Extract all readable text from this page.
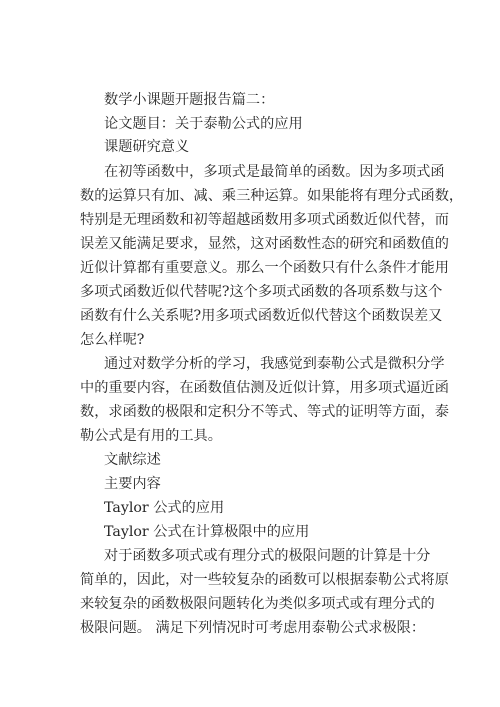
数学小课题开题报告篇二：
论文题目：关于泰勒公式的应用
课题研究意义
在初等函数中，多项式是最简单的函数。因为多项式函
数的运算只有加、减、乘三种运算。如果能将有理分式函数，
特别是无理函数和初等超越函数用多项式函数近似代替，而
误差又能满足要求，显然，这对函数性态的研究和函数值的
近似计算都有重要意义。那么一个函数只有什么条件才能用
多项式函数近似代替呢?这个多项式函数的各项系数与这个
函数有什么关系呢?用多项式函数近似代替这个函数误差又
怎么样呢?
通过对数学分析的学习，我感觉到泰勒公式是微积分学
中的重要内容，在函数值估测及近似计算，用多项式逼近函
数，求函数的极限和定积分不等式、等式的证明等方面，泰
勒公式是有用的工具。
文献综述
主要内容
Taylor 公式的应用
Taylor 公式在计算极限中的应用
对于函数多项式或有理分式的极限问题的计算是十分
简单的，因此，对一些较复杂的函数可以根据泰勒公式将原
来较复杂的函数极限问题转化为类似多项式或有理分式的
极限问题。 满足下列情况时可考虑用泰勒公式求极限：
